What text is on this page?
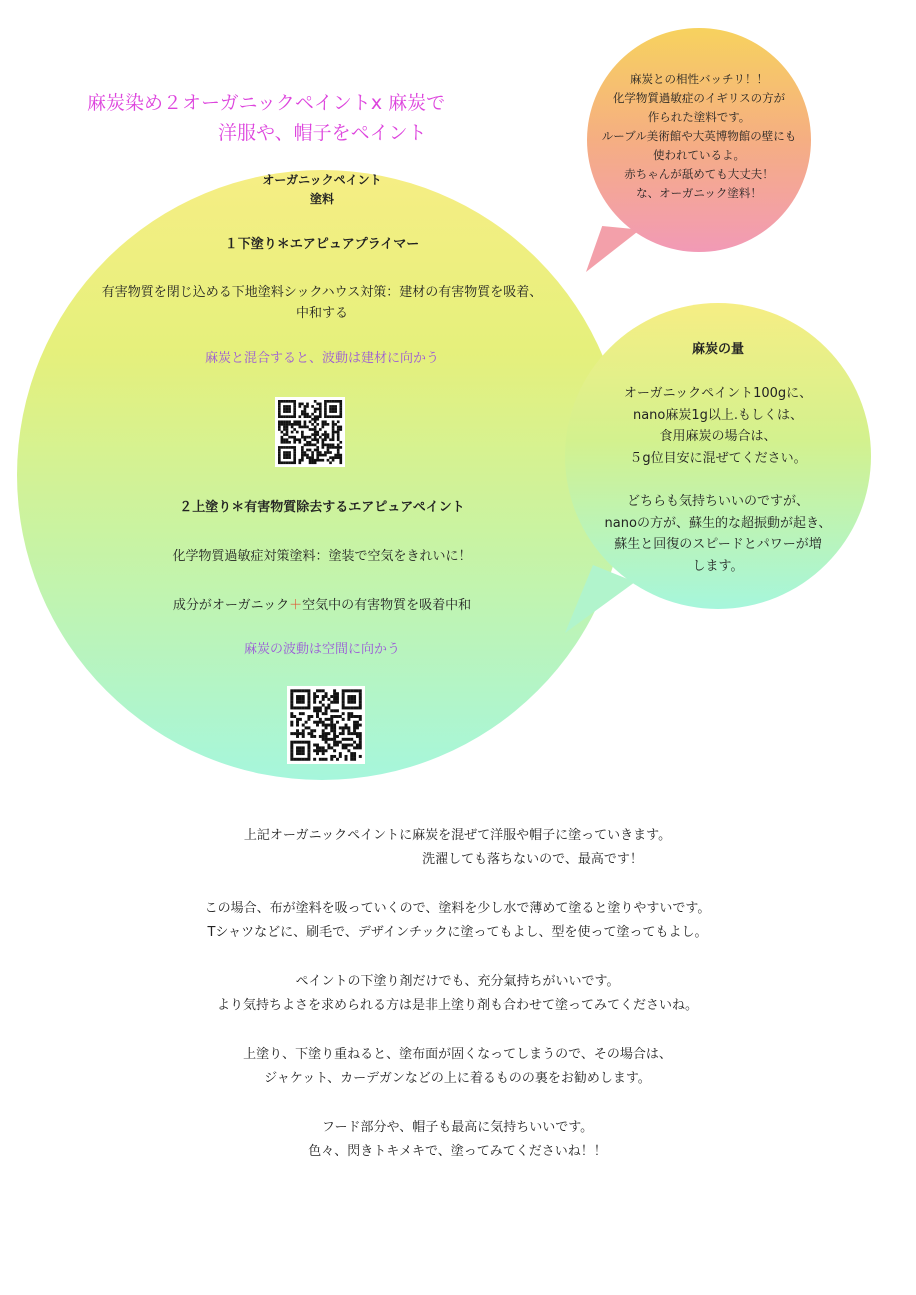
麻炭染め２オーガニックペイントx 麻炭で
洋服や、帽子をペイント
オーガニックペイント
塗料
１下塗り＊エアピュアプライマー
有害物質を閉じ込める下地塗料シックハウス対策：建材の有害物質を吸着、
中和する
麻炭と混合すると、波動は建材に向かう
２上塗り＊有害物質除去するエアピュアペイント
化学物質過敏症対策塗料：塗装で空気をきれいに！
成分がオーガニック＋空気中の有害物質を吸着中和
麻炭の波動は空間に向かう
麻炭との相性バッチリ！！
化学物質過敏症のイギリスの方が
作られた塗料です。
ルーブル美術館や大英博物館の壁にも
使われているよ。
赤ちゃんが舐めても大丈夫！
な、オーガニック塗料！
麻炭の量
オーガニックペイント100gに、
nano麻炭1g以上.もしくは、
食用麻炭の場合は、
５g位目安に混ぜてください。
どちらも気持ちいいのですが、
nanoの方が、蘇生的な超振動が起き、
蘇生と回復のスピードとパワーが増
します。
上記オーガニックペイントに麻炭を混ぜて洋服や帽子に塗っていきます。
洗濯しても落ちないので、最高です！
この場合、布が塗料を吸っていくので、塗料を少し水で薄めて塗ると塗りやすいです。
Tシャツなどに、刷毛で、デザインチックに塗ってもよし、型を使って塗ってもよし。
ペイントの下塗り剤だけでも、充分氣持ちがいいです。
より気持ちよさを求められる方は是非上塗り剤も合わせて塗ってみてくださいね。
上塗り、下塗り重ねると、塗布面が固くなってしまうので、その場合は、
ジャケット、カーデガンなどの上に着るものの裏をお勧めします。
フード部分や、帽子も最高に気持ちいいです。
色々、閃きトキメキで、塗ってみてくださいね！！
